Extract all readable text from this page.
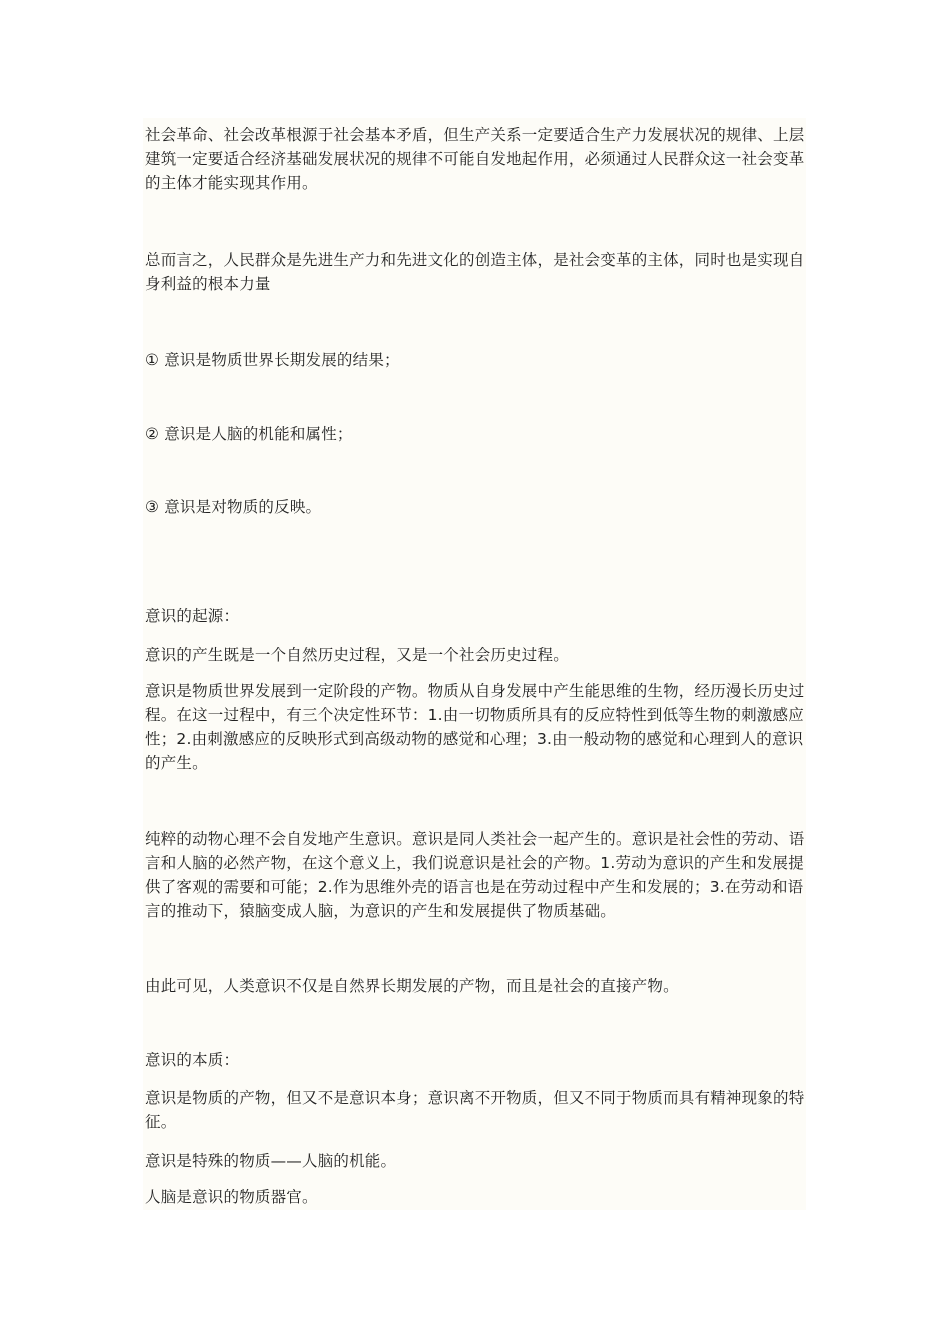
社会革命、社会改革根源于社会基本矛盾，但生产关系一定要适合生产力发展状况的规律、上层建筑一定要适合经济基础发展状况的规律不可能自发地起作用，必须通过人民群众这一社会变革的主体才能实现其作用。

总而言之，人民群众是先进生产力和先进文化的创造主体，是社会变革的主体，同时也是实现自身利益的根本力量

① 意识是物质世界长期发展的结果；

② 意识是人脑的机能和属性；

③ 意识是对物质的反映。

意识的起源：

意识的产生既是一个自然历史过程，又是一个社会历史过程。

意识是物质世界发展到一定阶段的产物。物质从自身发展中产生能思维的生物，经历漫长历史过程。在这一过程中，有三个决定性环节：1.由一切物质所具有的反应特性到低等生物的刺激感应性；2.由刺激感应的反映形式到高级动物的感觉和心理；3.由一般动物的感觉和心理到人的意识的产生。

纯粹的动物心理不会自发地产生意识。意识是同人类社会一起产生的。意识是社会性的劳动、语言和人脑的必然产物，在这个意义上，我们说意识是社会的产物。1.劳动为意识的产生和发展提供了客观的需要和可能；2.作为思维外壳的语言也是在劳动过程中产生和发展的；3.在劳动和语言的推动下，猿脑变成人脑，为意识的产生和发展提供了物质基础。

由此可见，人类意识不仅是自然界长期发展的产物，而且是社会的直接产物。

意识的本质：

意识是物质的产物，但又不是意识本身；意识离不开物质，但又不同于物质而具有精神现象的特征。

意识是特殊的物质——人脑的机能。

人脑是意识的物质器官。
